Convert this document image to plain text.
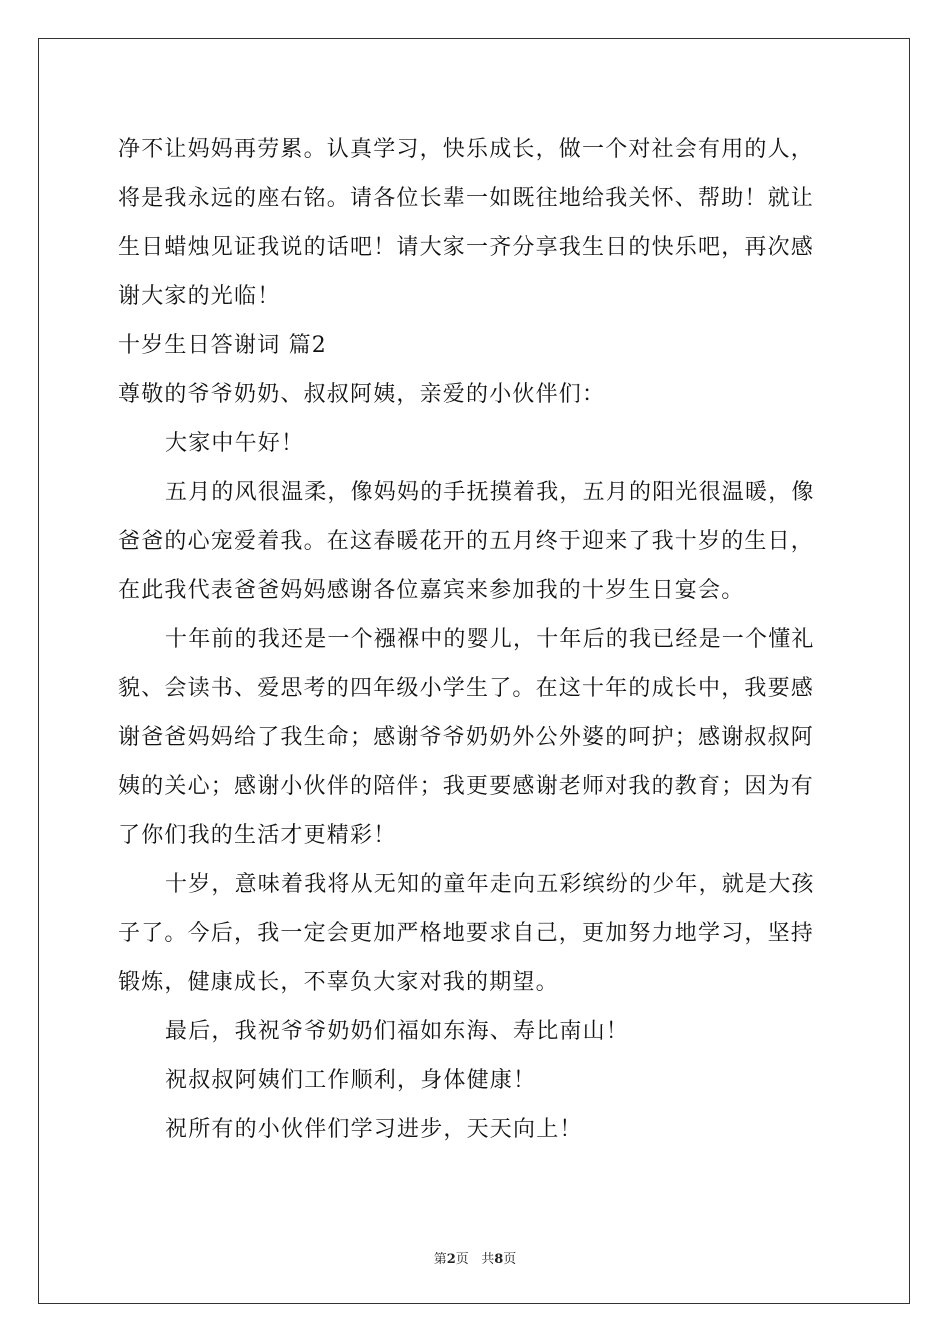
净不让妈妈再劳累。认真学习，快乐成长，做一个对社会有用的人，
将是我永远的座右铭。请各位长辈一如既往地给我关怀、帮助！就让
生日蜡烛见证我说的话吧！请大家一齐分享我生日的快乐吧，再次感
谢大家的光临！
十岁生日答谢词 篇2
尊敬的爷爷奶奶、叔叔阿姨，亲爱的小伙伴们：
大家中午好！
五月的风很温柔，像妈妈的手抚摸着我，五月的阳光很温暖，像
爸爸的心宠爱着我。在这春暖花开的五月终于迎来了我十岁的生日，
在此我代表爸爸妈妈感谢各位嘉宾来参加我的十岁生日宴会。
十年前的我还是一个襁褓中的婴儿，十年后的我已经是一个懂礼
貌、会读书、爱思考的四年级小学生了。在这十年的成长中，我要感
谢爸爸妈妈给了我生命；感谢爷爷奶奶外公外婆的呵护；感谢叔叔阿
姨的关心；感谢小伙伴的陪伴；我更要感谢老师对我的教育；因为有
了你们我的生活才更精彩！
十岁，意味着我将从无知的童年走向五彩缤纷的少年，就是大孩
子了。今后，我一定会更加严格地要求自己，更加努力地学习，坚持
锻炼，健康成长，不辜负大家对我的期望。
最后，我祝爷爷奶奶们福如东海、寿比南山！
祝叔叔阿姨们工作顺利，身体健康！
祝所有的小伙伴们学习进步，天天向上！
第2页 共8页
